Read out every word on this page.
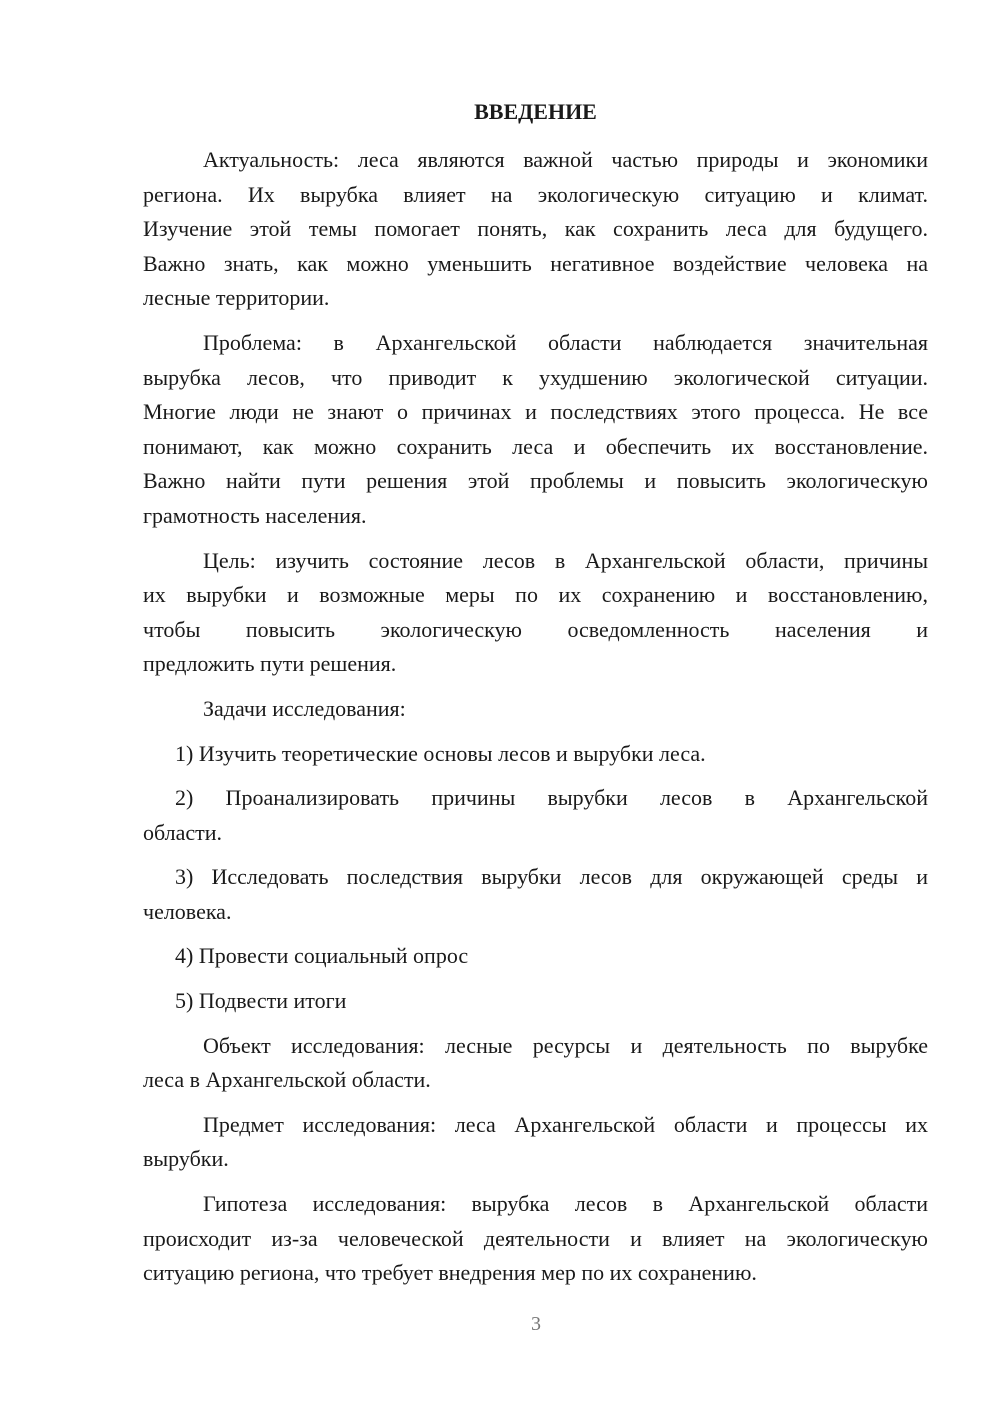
ВВЕДЕНИЕ
Актуальность: леса являются важной частью природы и экономики
региона. Их вырубка влияет на экологическую ситуацию и климат.
Изучение этой темы помогает понять, как сохранить леса для будущего.
Важно знать, как можно уменьшить негативное воздействие человека на
лесные территории.
Проблема: в Архангельской области наблюдается значительная
вырубка лесов, что приводит к ухудшению экологической ситуации.
Многие люди не знают о причинах и последствиях этого процесса. Не все
понимают, как можно сохранить леса и обеспечить их восстановление.
Важно найти пути решения этой проблемы и повысить экологическую
грамотность населения.
Цель: изучить состояние лесов в Архангельской области, причины
их вырубки и возможные меры по их сохранению и восстановлению,
чтобы повысить экологическую осведомленность населения и
предложить пути решения.
Задачи исследования:
1) Изучить теоретические основы лесов и вырубки леса.
2) Проанализировать причины вырубки лесов в Архангельской
области.
3) Исследовать последствия вырубки лесов для окружающей среды и
человека.
4) Провести социальный опрос
5) Подвести итоги
Объект исследования: лесные ресурсы и деятельность по вырубке
леса в Архангельской области.
Предмет исследования: леса Архангельской области и процессы их
вырубки.
Гипотеза исследования: вырубка лесов в Архангельской области
происходит из-за человеческой деятельности и влияет на экологическую
ситуацию региона, что требует внедрения мер по их сохранению.
3
